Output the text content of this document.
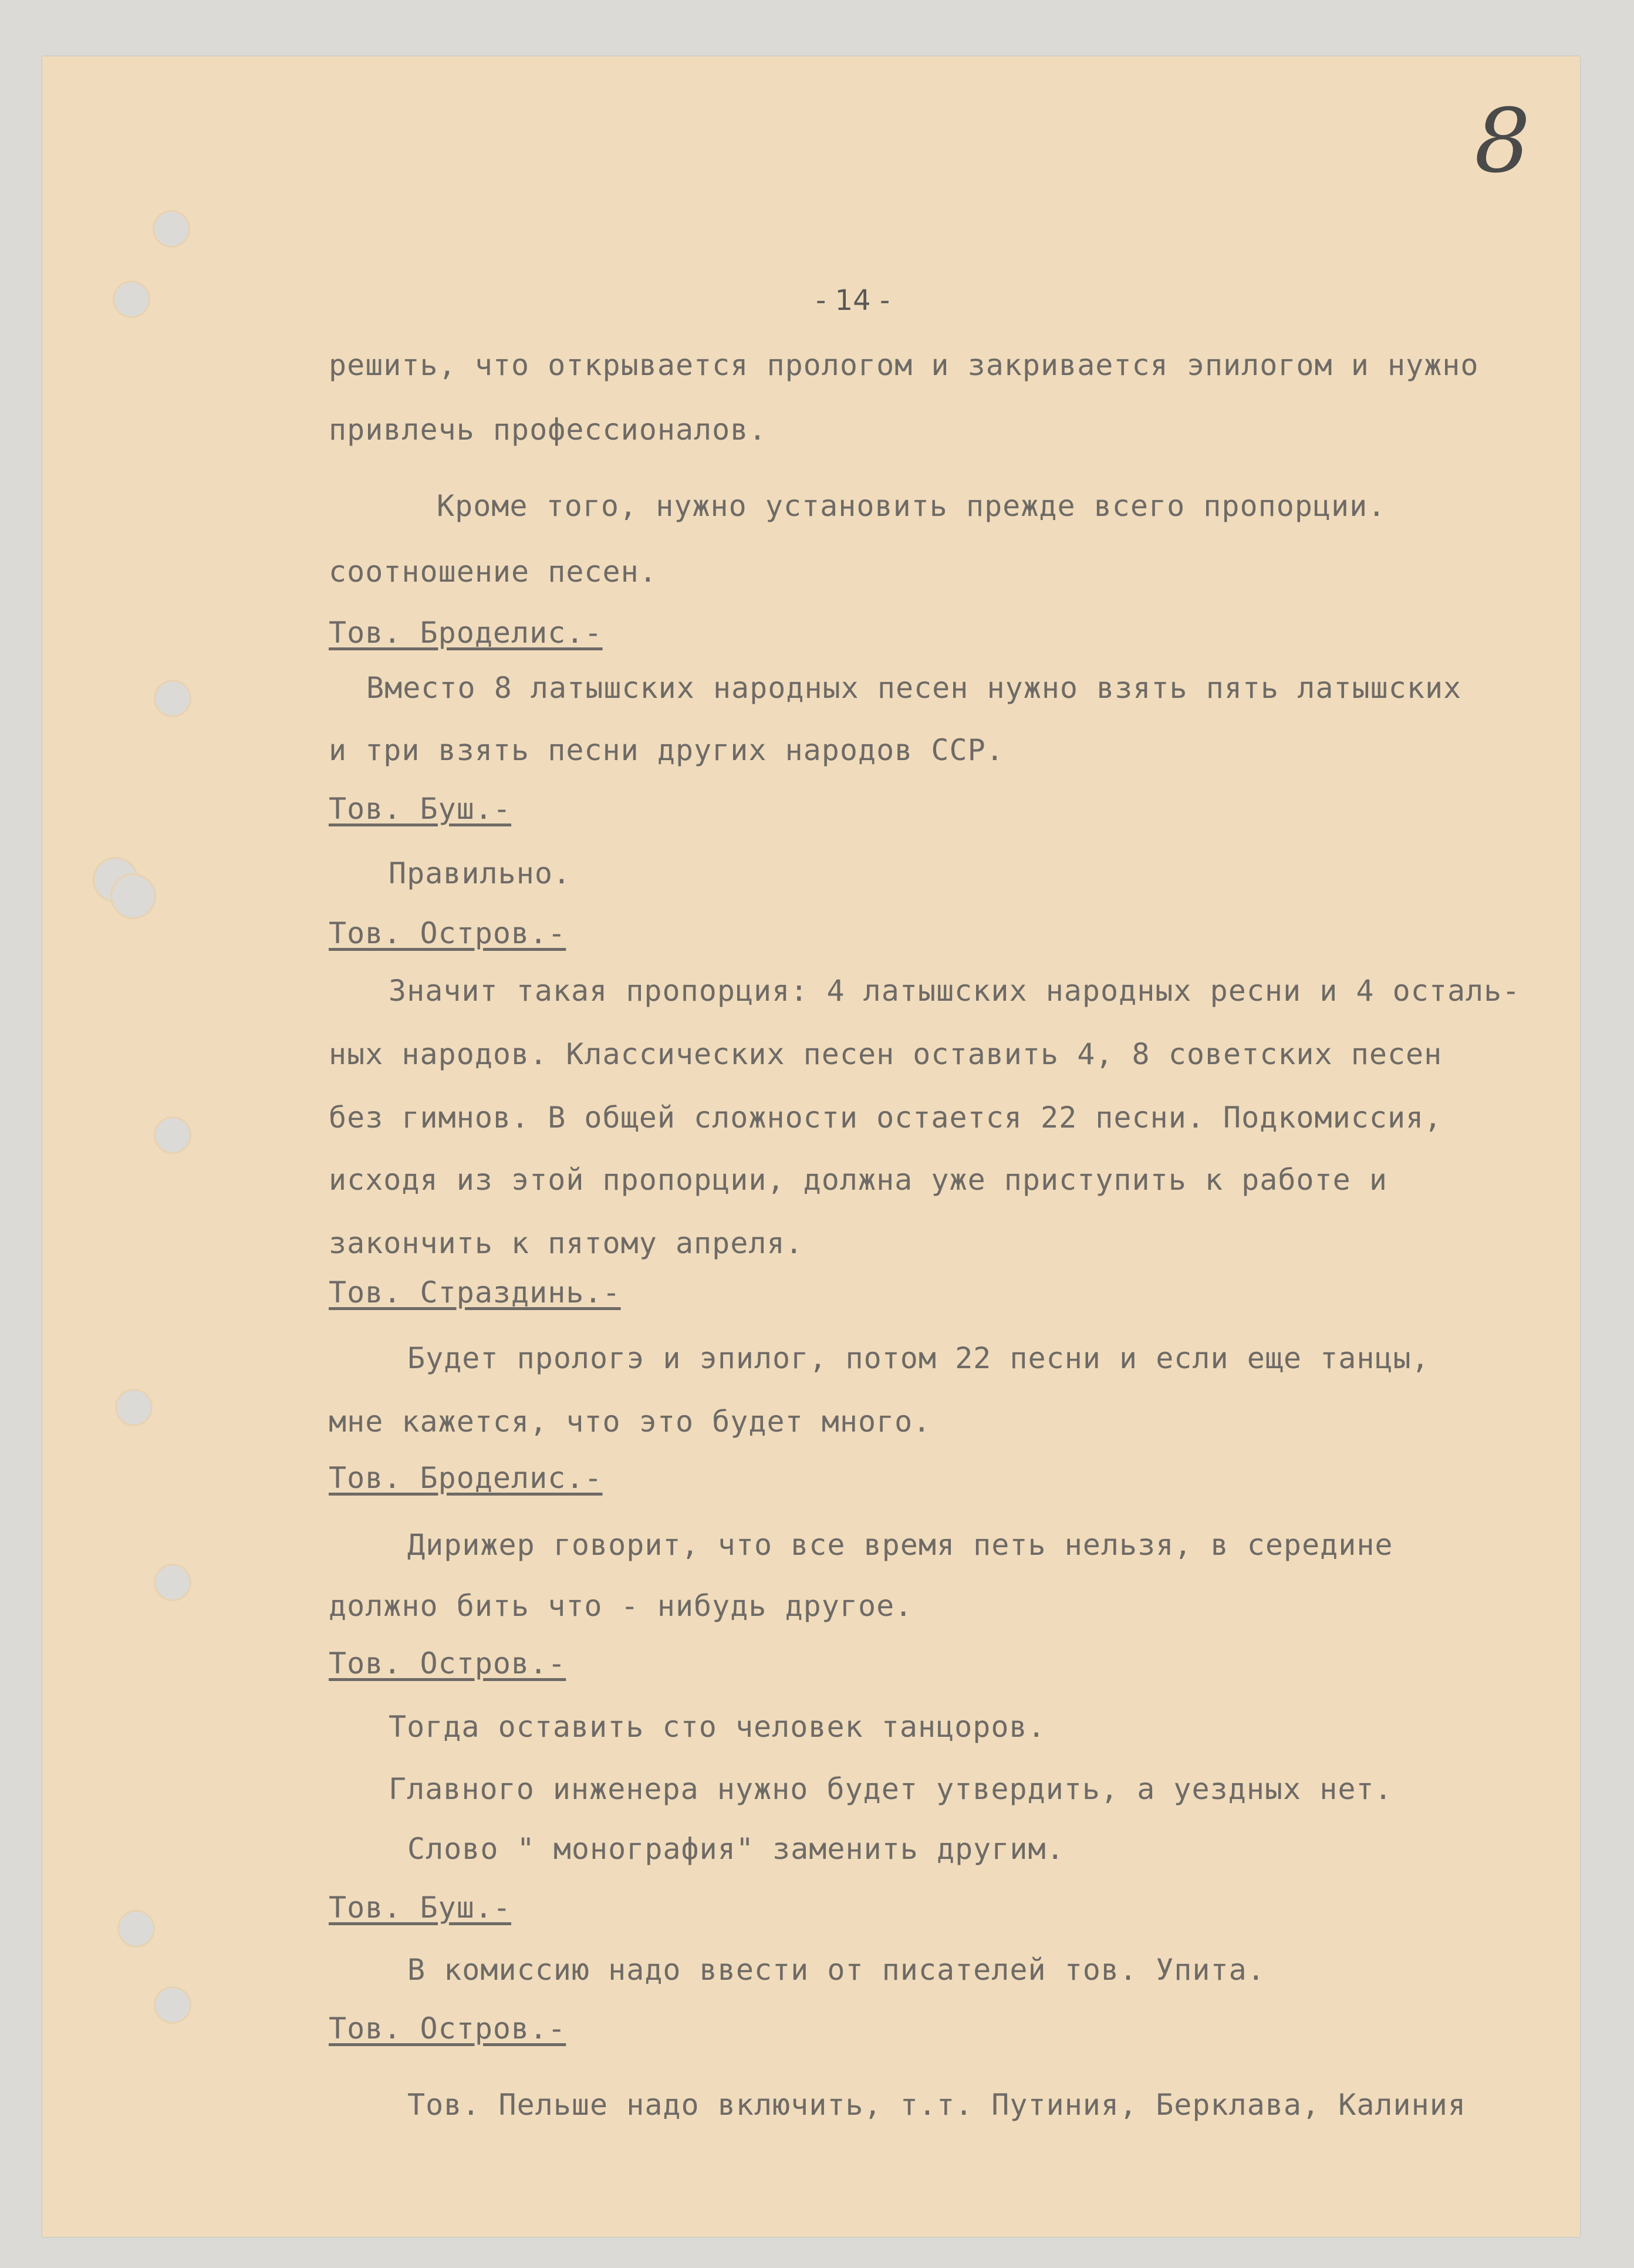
8
- 14 -
решить, что открывается прологом и закривается эпилогом и нужно
привлечь профессионалов.
Кроме того, нужно установить прежде всего пропорции.
соотношение песен.
Тов. Броделис.-
Вместо 8 латышских народных песен нужно взять пять латышских
и три взять песни других народов ССР.
Тов. Буш.-
Правильно.
Тов. Остров.-
Значит такая пропорция: 4 латышских народных ресни и 4 осталь-
ных народов. Классических песен оставить 4, 8 советских песен
без гимнов. В общей сложности остается 22 песни. Подкомиссия,
исходя из этой пропорции, должна уже приступить к работе и
закончить к пятому апреля.
Тов. Страздинь.-
Будет прологэ и эпилог, потом 22 песни и если еще танцы,
мне кажется, что это будет много.
Тов. Броделис.-
Дирижер говорит, что все время петь нельзя, в середине
должно бить что - нибудь другое.
Тов. Остров.-
Тогда оставить сто человек танцоров.
Главного инженера нужно будет утвердить, а уездных нет.
Слово " монография" заменить другим.
Тов. Буш.-
В комиссию надо ввести от писателей тов. Упита.
Тов. Остров.-
Тов. Пельше надо включить, т.т. Путиния, Берклава, Калиния
